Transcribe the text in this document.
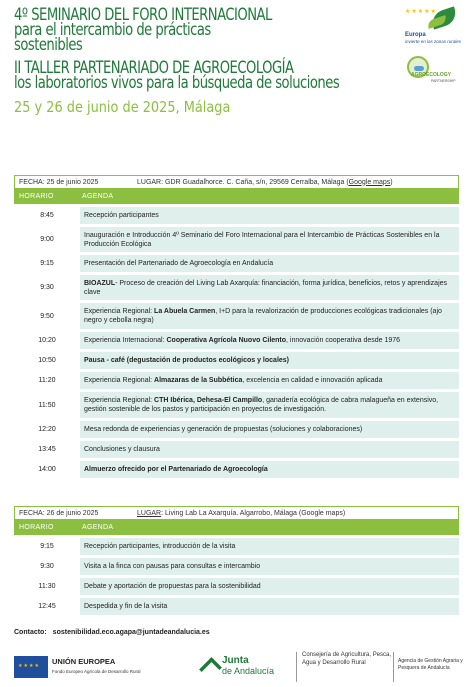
4º SEMINARIO DEL FORO INTERNACIONAL
para el intercambio de prácticas
sostenibles
II TALLER PARTENARIADO DE AGROECOLOGÍA
los laboratorios vivos para la búsqueda de soluciones
25 y 26 de junio de 2025, Málaga
★★★★★
Europa
invierte en las zonas rurales
AGROECOLOGY
PARTNERSHIP
FECHA: 25 de junio 2025	LUGAR: GDR Guadalhorce. C. Caña, s/n, 29569 Cerralba, Málaga (Google maps)
HORARIO	AGENDA
8:45	Recepción participantes
9:00
Inauguración e Introducción 4º Seminario del Foro Internacional para el Intercambio de Prácticas Sostenibles en la Producción Ecológica
9:15	Presentación del Partenariado de Agroecología en Andalucía
9:30
BIOAZUL- Proceso de creación del Living Lab Axarquía: financiación, forma jurídica, beneficios, retos y aprendizajes clave
9:50
Experiencia Regional: La Abuela Carmen, I+D para la revalorización de producciones ecológicas tradicionales (ajo negro y cebolla negra)
10:20	Experiencia Internacional: Cooperativa Agrícola Nuovo Cilento, innovación cooperativa desde 1976
10:50	Pausa - café (degustación de productos ecológicos y locales)
11:20	Experiencia Regional: Almazaras de la Subbética, excelencia en calidad e innovación aplicada
11:50
Experiencia Regional: CTH Ibérica, Dehesa-El Campillo, ganadería ecológica de cabra malagueña en extensivo, gestión sostenible de los pastos y participación en proyectos de investigación.
12:20	Mesa redonda de experiencias y generación de propuestas (soluciones y colaboraciones)
13:45	Conclusiones y clausura
14:00	Almuerzo ofrecido por el Partenariado de Agroecología
FECHA: 26 de junio 2025	LUGAR: Living Lab La Axarquía. Algarrobo, Málaga (Google maps)
HORARIO	AGENDA
9:15	Recepción participantes, introducción de la visita
9:30	Visita a la finca con pausas para consultas e intercambio
11:30	Debate y aportación de propuestas para la sostenibilidad
12:45	Despedida y fin de la visita
Contacto: sostenibilidad.eco.agapa@juntadeandalucia.es
★★★★
UNIÓN EUROPEA
Fondo Europeo Agrícola de Desarrollo Rural
Junta
de Andalucía
Consejería de Agricultura, Pesca, Agua y Desarrollo Rural	Agencia de Gestión Agraria y Pesquera de Andalucía
